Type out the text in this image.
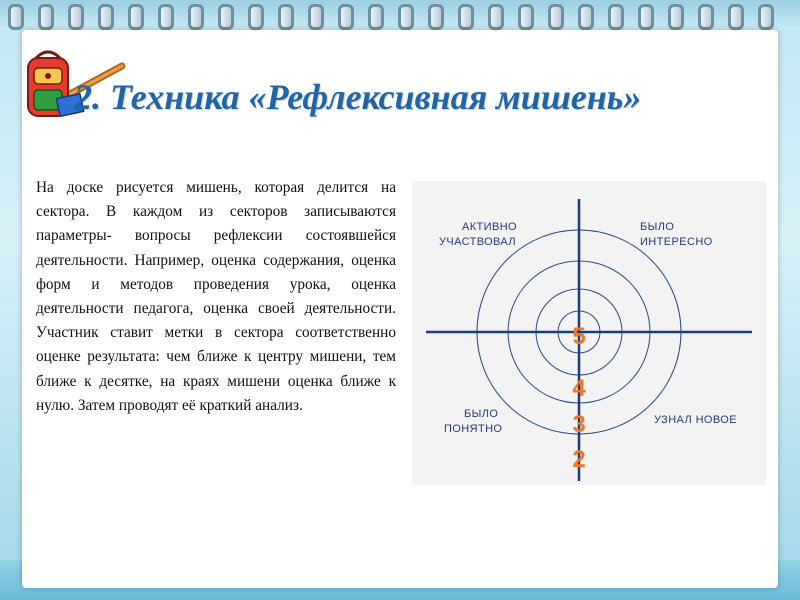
2. Техника «Рефлексивная мишень»
На доске рисуется мишень, которая делится на сектора. В каждом из секторов записываются параметры- вопросы рефлексии состоявшейся деятельности. Например, оценка содержания, оценка форм и методов проведения урока, оценка деятельности педагога, оценка своей деятельности. Участник ставит метки в сектора соответственно оценке результата: чем ближе к центру мишени, тем ближе к десятке, на краях мишени оценка ближе к нулю. Затем проводят её краткий анализ.
АКТИВНО
УЧАСТВОВАЛ
БЫЛО
ИНТЕРЕСНО
БЫЛО
ПОНЯТНО
УЗНАЛ НОВОЕ
5
4
3
2
